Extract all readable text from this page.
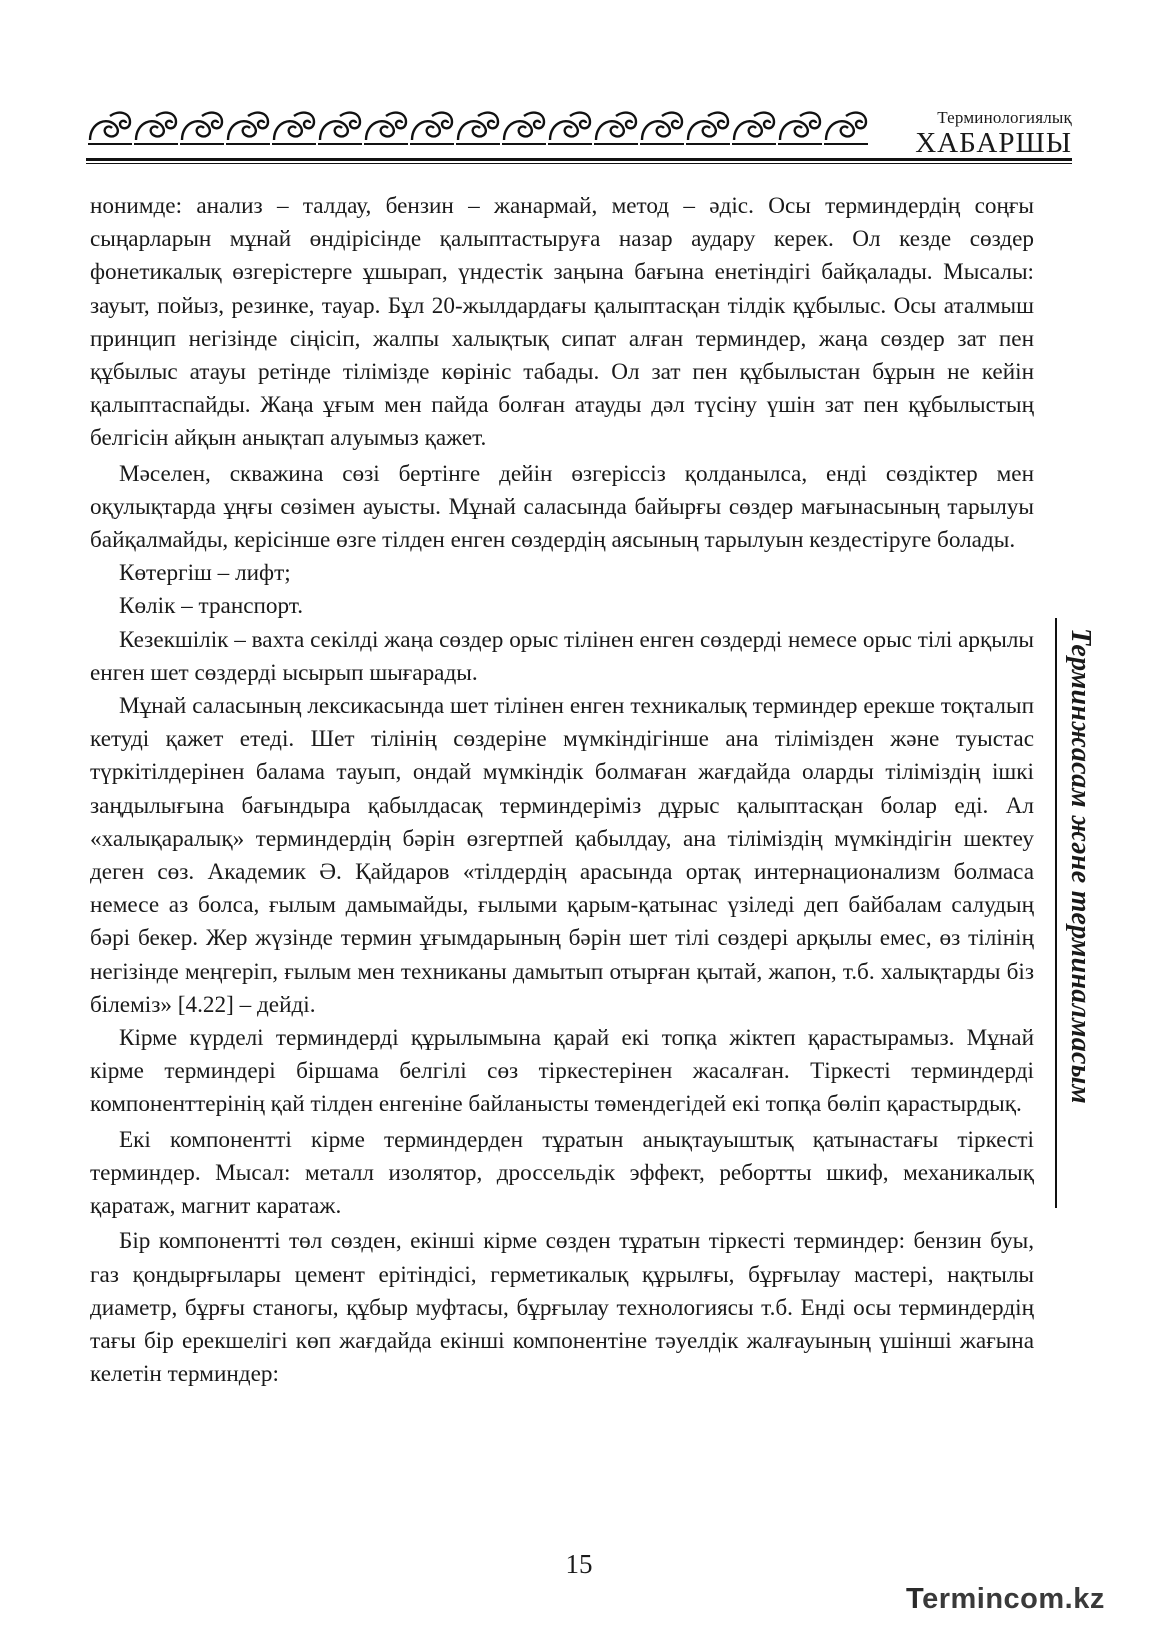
Терминологиялық
ХАБАРШЫ

нонимде: анализ – талдау, бензин – жанармай, метод – әдіс. Осы терминдердің соңғы сыңарларын мұнай өндірісінде қалыптастыруға назар аудару керек. Ол кезде сөздер фонетикалық өзгерістерге ұшырап, үндестік заңына бағына енетіндігі байқалады. Мысалы: зауыт, пойыз, резинке, тауар. Бұл 20-жылдардағы қалыптасқан тілдік құбылыс. Осы аталмыш принцип негізінде сіңісіп, жалпы халықтық сипат алған терминдер, жаңа сөздер зат пен құбылыс атауы ретінде тілімізде көрініс табады. Ол зат пен құбылыстан бұрын не кейін қалыптаспайды. Жаңа ұғым мен пайда болған атауды дәл түсіну үшін зат пен құбылыстың белгісін айқын анықтап алуымыз қажет.

Мәселен, скважина сөзі бертінге дейін өзгеріссіз қолданылса, енді сөздіктер мен оқулықтарда ұңғы сөзімен ауысты. Мұнай саласында байырғы сөздер мағынасының тарылуы байқалмайды, керісінше өзге тілден енген сөздердің аясының тарылуын кездестіруге болады.

Көтергіш – лифт;

Көлік – транспорт.

Кезекшілік – вахта секілді жаңа сөздер орыс тілінен енген сөздерді немесе орыс тілі арқылы енген шет сөздерді ысырып шығарады.

Мұнай саласының лексикасында шет тілінен енген техникалық терминдер ерекше тоқталып кетуді қажет етеді. Шет тілінің сөздеріне мүмкіндігінше ана тілімізден және туыстас түркітілдерінен балама тауып, ондай мүмкіндік болмаған жағдайда оларды тіліміздің ішкі заңдылығына бағындыра қабылдасақ терминдеріміз дұрыс қалыптасқан болар еді. Ал «халықаралық» терминдердің бәрін өзгертпей қабылдау, ана тіліміздің мүмкіндігін шектеу деген сөз. Академик Ә. Қайдаров «тілдердің арасында ортақ интернационализм болмаса немесе аз болса, ғылым дамымайды, ғылыми қарым-қатынас үзіледі деп байбалам салудың бәрі бекер. Жер жүзінде термин ұғымдарының бәрін шет тілі сөздері арқылы емес, өз тілінің негізінде меңгеріп, ғылым мен техниканы дамытып отырған қытай, жапон, т.б. халықтарды біз білеміз» [4.22] – дейді.

Кірме күрделі терминдерді құрылымына қарай екі топқа жіктеп қарастырамыз. Мұнай кірме терминдері біршама белгілі сөз тіркестерінен жасалған. Тіркесті терминдерді компоненттерінің қай тілден енгеніне байланысты төмендегідей екі топқа бөліп қарастырдық.

Екі компонентті кірме терминдерден тұратын анықтауыштық қатынастағы тіркесті терминдер. Мысал: металл изолятор, дроссельдік эффект, ребортты шкиф, механикалық қаратаж, магнит каратаж.

Бір компонентті төл сөзден, екінші кірме сөзден тұратын тіркесті терминдер: бензин буы, газ қондырғылары цемент ерітіндісі, герметикалық құрылғы, бұрғылау мастері, нақтылы диаметр, бұрғы станогы, құбыр муфтасы, бұрғылау технологиясы т.б. Енді осы терминдердің тағы бір ерекшелігі көп жағдайда екінші компонентіне тәуелдік жалғауының үшінші жағына келетін терминдер:

Терминжасам және терминалмасым
15
Termincom.kz
